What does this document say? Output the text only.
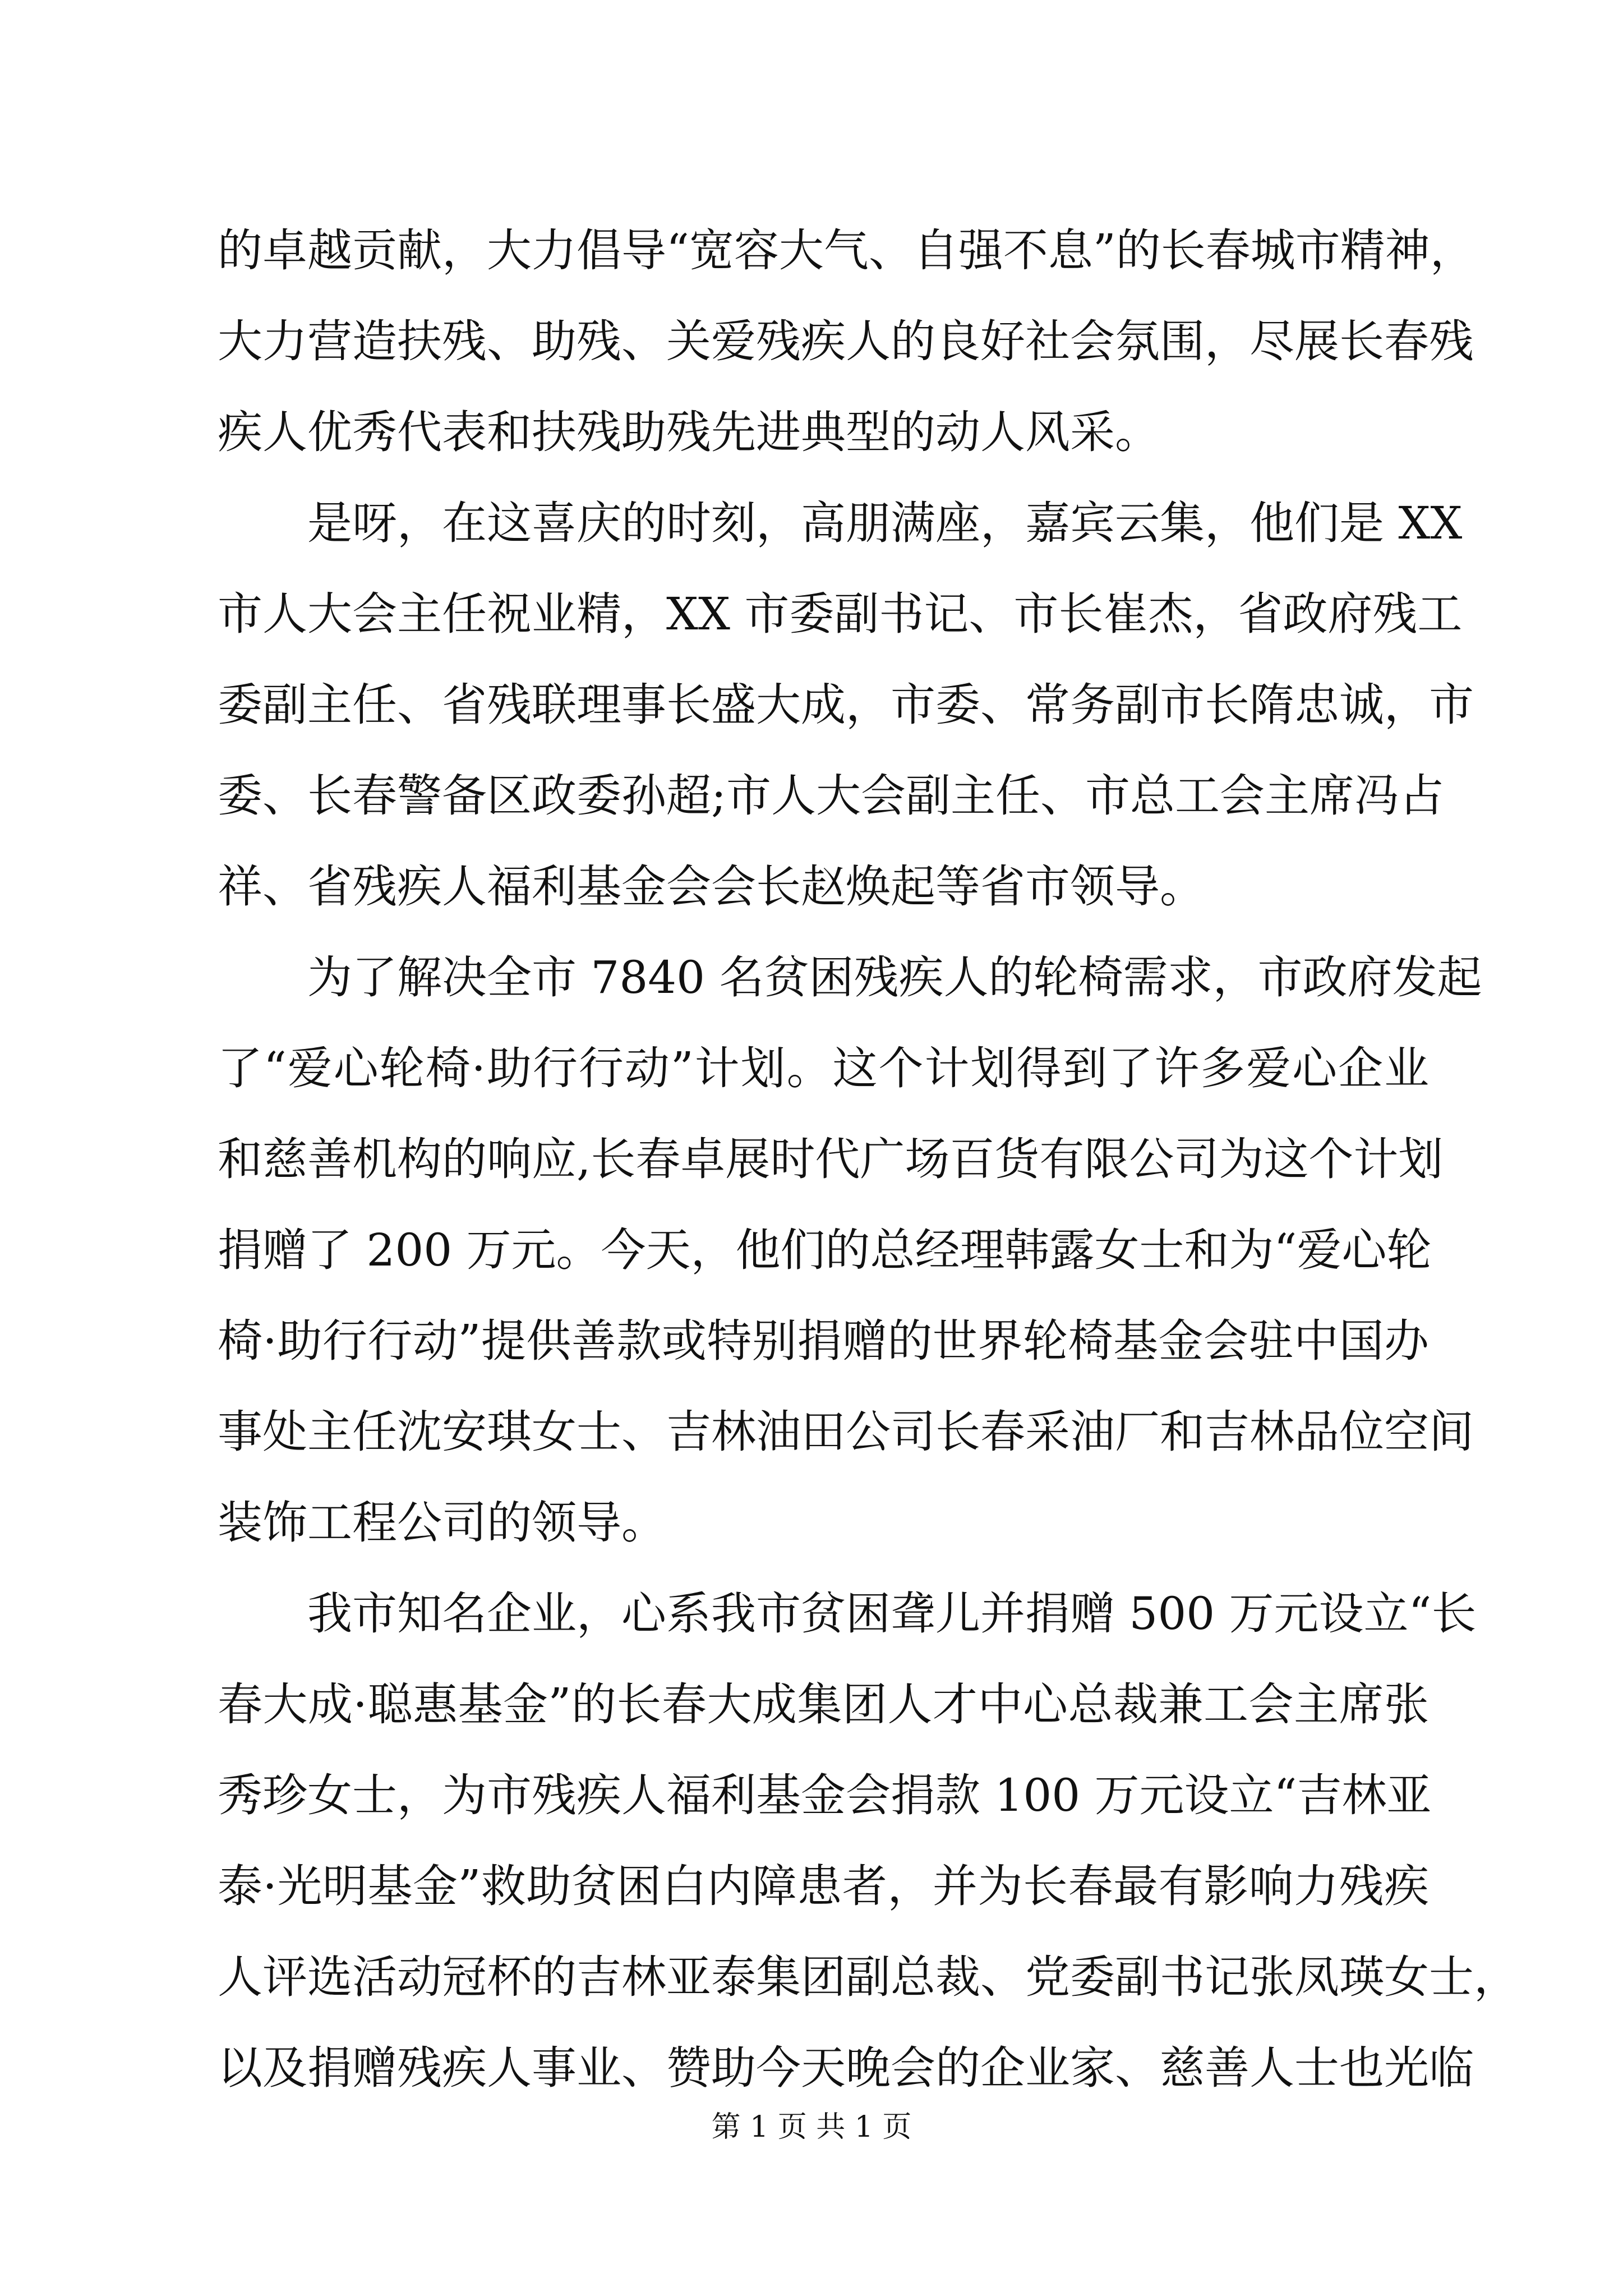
的卓越贡献，大力倡导“宽容大气、自强不息”的长春城市精神，
大力营造扶残、助残、关爱残疾人的良好社会氛围，尽展长春残
疾人优秀代表和扶残助残先进典型的动人风采。
　　是呀，在这喜庆的时刻，高朋满座，嘉宾云集，他们是 XX
市人大会主任祝业精，XX 市委副书记、市长崔杰，省政府残工
委副主任、省残联理事长盛大成，市委、常务副市长隋忠诚，市
委、长春警备区政委孙超;市人大会副主任、市总工会主席冯占
祥、省残疾人福利基金会会长赵焕起等省市领导。
　　为了解决全市 7840 名贫困残疾人的轮椅需求，市政府发起
了“爱心轮椅·助行行动”计划。这个计划得到了许多爱心企业
和慈善机构的响应,长春卓展时代广场百货有限公司为这个计划
捐赠了 200 万元。今天，他们的总经理韩露女士和为“爱心轮
椅·助行行动”提供善款或特别捐赠的世界轮椅基金会驻中国办
事处主任沈安琪女士、吉林油田公司长春采油厂和吉林品位空间
装饰工程公司的领导。
　　我市知名企业，心系我市贫困聋儿并捐赠 500 万元设立“长
春大成·聪惠基金”的长春大成集团人才中心总裁兼工会主席张
秀珍女士，为市残疾人福利基金会捐款 100 万元设立“吉林亚
泰·光明基金”救助贫困白内障患者，并为长春最有影响力残疾
人评选活动冠杯的吉林亚泰集团副总裁、党委副书记张凤瑛女士，
以及捐赠残疾人事业、赞助今天晚会的企业家、慈善人士也光临
第 1 页 共 1 页
